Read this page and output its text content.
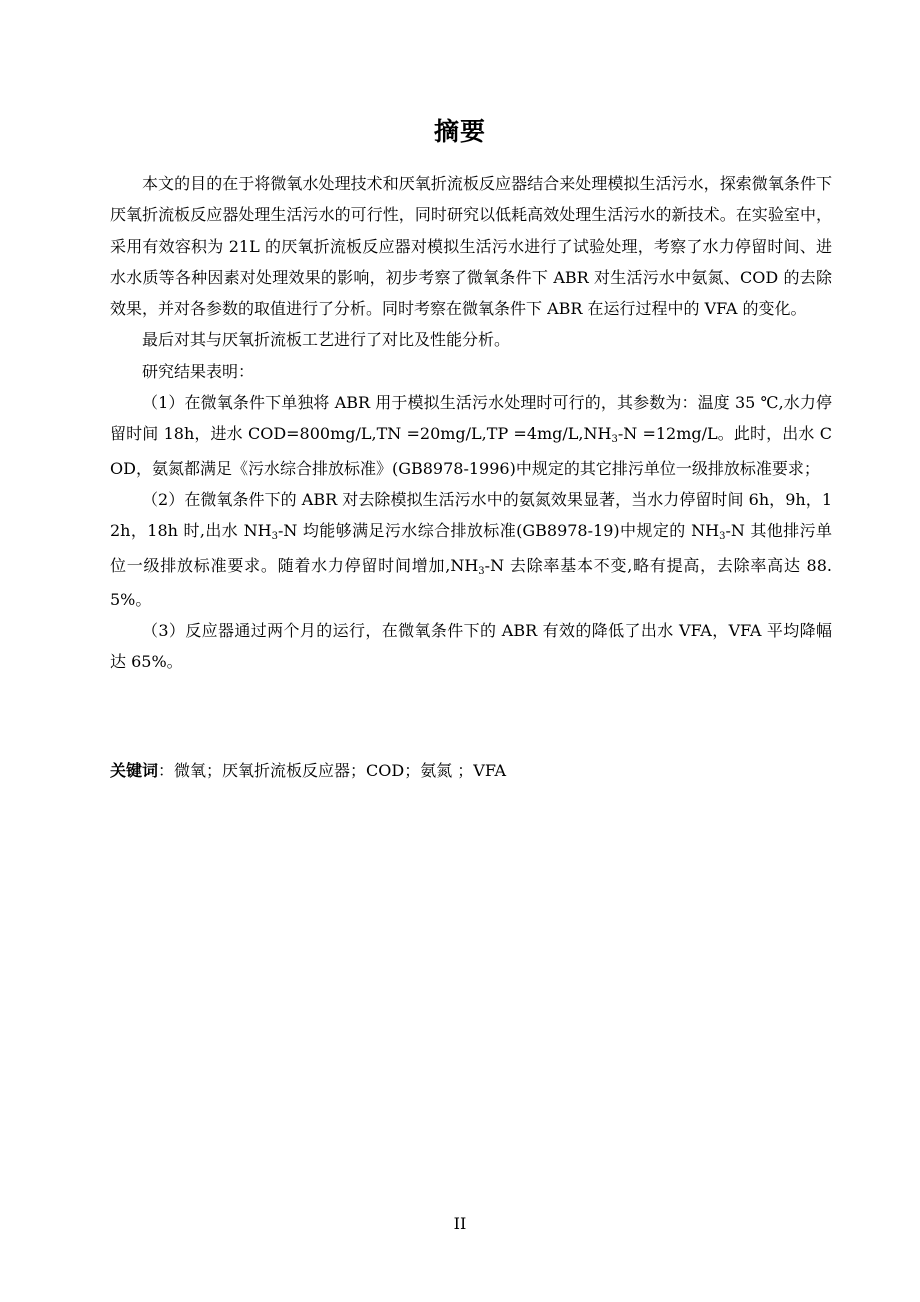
摘要

本文的目的在于将微氧水处理技术和厌氧折流板反应器结合来处理模拟生活污水，探索微氧条件下厌氧折流板反应器处理生活污水的可行性，同时研究以低耗高效处理生活污水的新技术。在实验室中，采用有效容积为 21L 的厌氧折流板反应器对模拟生活污水进行了试验处理，考察了水力停留时间、进水水质等各种因素对处理效果的影响，初步考察了微氧条件下 ABR 对生活污水中氨氮、COD 的去除效果，并对各参数的取值进行了分析。同时考察在微氧条件下 ABR 在运行过程中的 VFA 的变化。

最后对其与厌氧折流板工艺进行了对比及性能分析。

研究结果表明：

（1）在微氧条件下单独将 ABR 用于模拟生活污水处理时可行的，其参数为：温度 35 ℃,水力停留时间 18h，进水 $COD=800mg/L,TN =20mg/L,TP =4mg/L,NH_3-N =12mg/L$。此时，出水 COD，氨氮都满足《污水综合排放标准》(GB8978-1996)中规定的其它排污单位一级排放标准要求；

（2）在微氧条件下的 ABR 对去除模拟生活污水中的氨氮效果显著，当水力停留时间 6h，9h，12h，18h 时,出水 $NH_3-N$ 均能够满足污水综合排放标准(GB8978-19)中规定的 $NH_3-N$ 其他排污单位一级排放标准要求。随着水力停留时间增加$,NH_3-N$ 去除率基本不变,略有提高，去除率高达 88.5%。

（3）反应器通过两个月的运行，在微氧条件下的 ABR 有效的降低了出水 VFA，VFA 平均降幅达 65%。

关键词：微氧；厌氧折流板反应器；COD；氨氮 ；VFA
II
